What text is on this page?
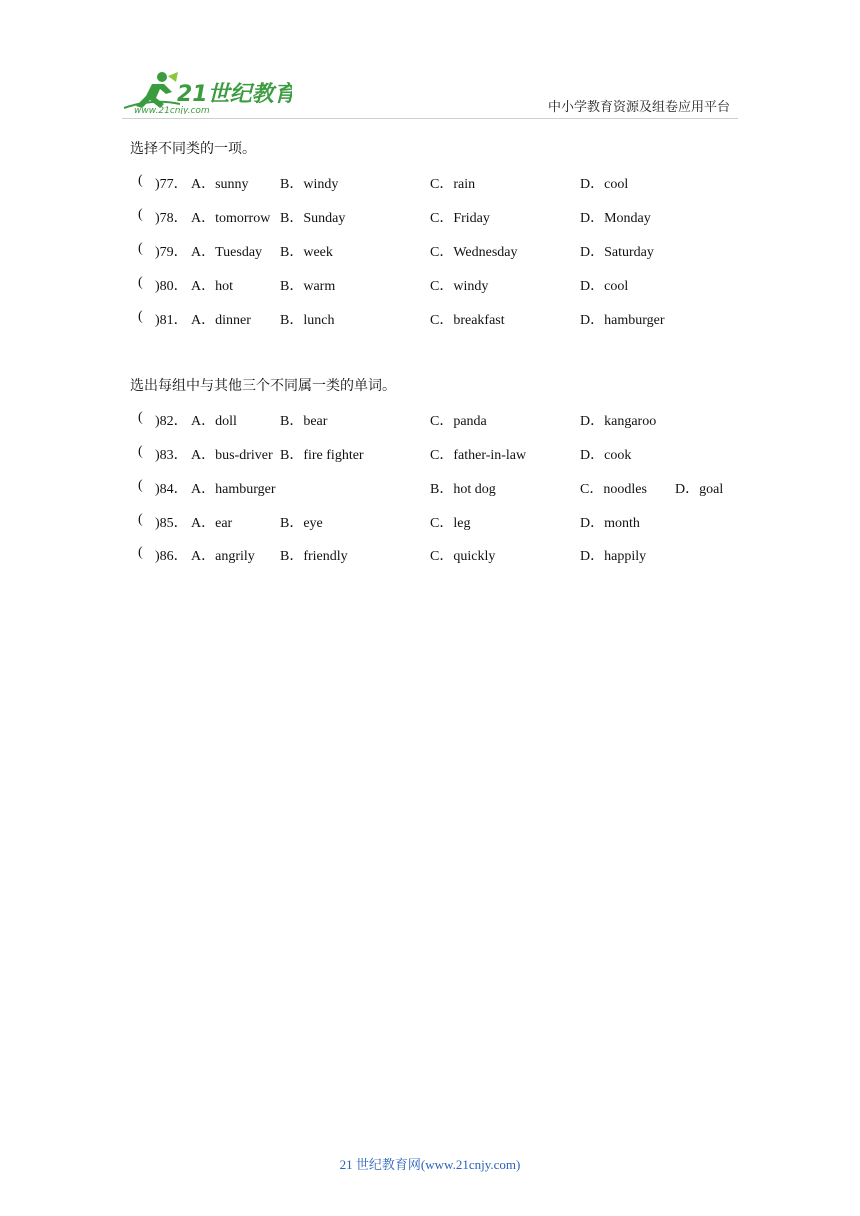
21世纪教育
www.21cnjy.com	中小学教育资源及组卷应用平台
选择不同类的一项。
( )77． A．sunny B．windy	C．rain	D．cool
( )78． A．tomorrow B．Sunday	C．Friday	D．Monday
( )79． A．Tuesday B．week	C．Wednesday	D．Saturday
( )80． A．hot	B．warm	C．windy	D．cool
( )81． A．dinner B．lunch	C．breakfast	D．hamburger
选出每组中与其他三个不同属一类的单词。
( )82． A．doll	B．bear	C．panda	D．kangaroo
( )83． A．bus-driver B．fire fighter	C．father-in-law	D．cook
( )84． A．hamburger	B．hot dog	C．noodles D．goal
( )85． A．ear	B．eye	C．leg	D．month
( )86． A．angrily B．friendly	C．quickly	D．happily
21 世纪教育网(www.21cnjy.com)
